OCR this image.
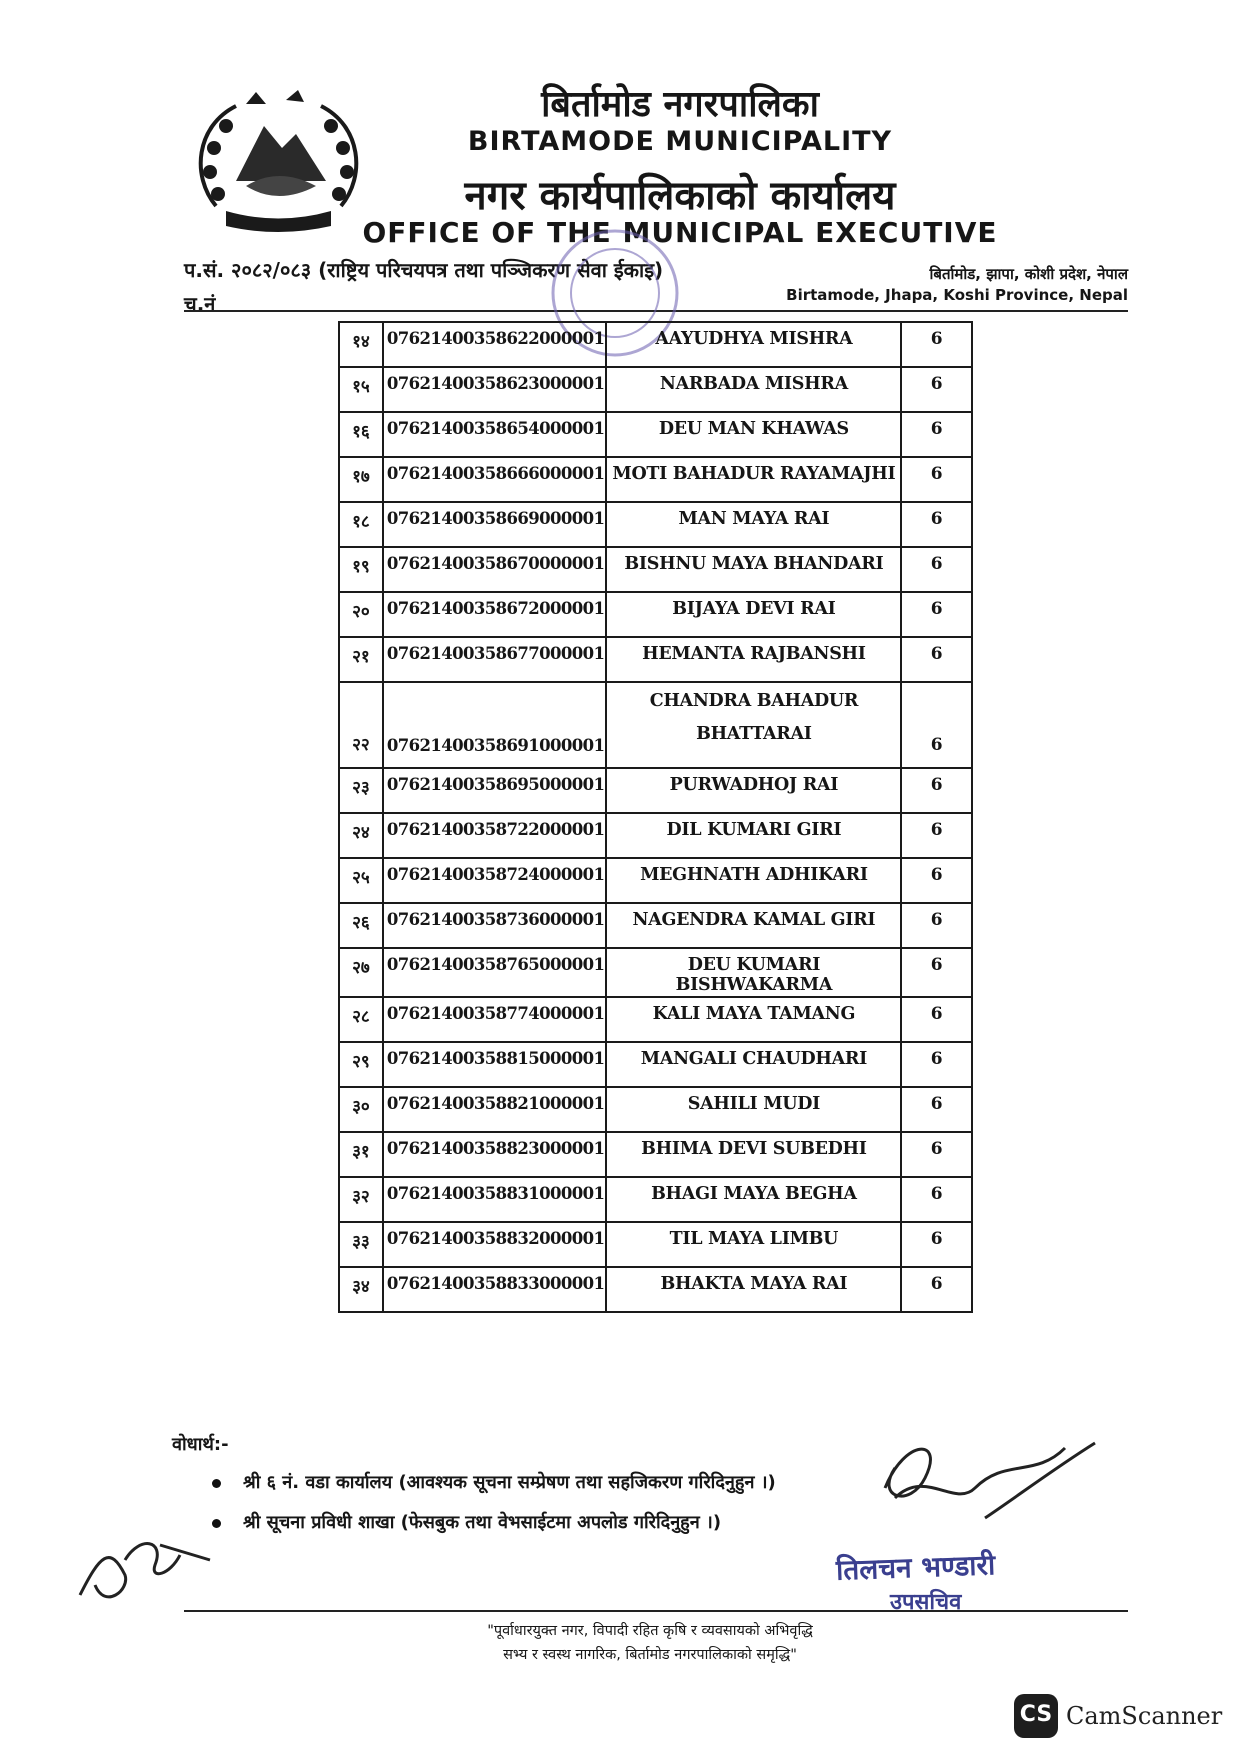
बिर्तामोड नगरपालिका
BIRTAMODE MUNICIPALITY
नगर कार्यपालिकाको कार्यालय
OFFICE OF THE MUNICIPAL EXECUTIVE
प.सं. २०८२/०८३ (राष्ट्रिय परिचयपत्र तथा पञ्जिकरण सेवा ईकाइ)
च.नं
बिर्तामोड, झापा, कोशी प्रदेश, नेपाल
Birtamode, Jhapa, Koshi Province, Nepal
१४	07621400358622000001	AAYUDHYA MISHRA	6
१५	07621400358623000001	NARBADA MISHRA	6
१६	07621400358654000001	DEU MAN KHAWAS	6
१७	07621400358666000001	MOTI BAHADUR RAYAMAJHI	6
१८	07621400358669000001	MAN MAYA RAI	6
१९	07621400358670000001	BISHNU MAYA BHANDARI	6
२०	07621400358672000001	BIJAYA DEVI RAI	6
२१	07621400358677000001	HEMANTA RAJBANSHI	6
२२	07621400358691000001	CHANDRA BAHADUR
BHATTARAI	6
२३	07621400358695000001	PURWADHOJ RAI	6
२४	07621400358722000001	DIL KUMARI GIRI	6
२५	07621400358724000001	MEGHNATH ADHIKARI	6
२६	07621400358736000001	NAGENDRA KAMAL GIRI	6
२७	07621400358765000001	DEU KUMARI BISHWAKARMA	6
२८	07621400358774000001	KALI MAYA TAMANG	6
२९	07621400358815000001	MANGALI CHAUDHARI	6
३०	07621400358821000001	SAHILI MUDI	6
३१	07621400358823000001	BHIMA DEVI SUBEDHI	6
३२	07621400358831000001	BHAGI MAYA BEGHA	6
३३	07621400358832000001	TIL MAYA LIMBU	6
३४	07621400358833000001	BHAKTA MAYA RAI	6
वोधार्थ:-
श्री ६ नं. वडा कार्यालय (आवश्यक सूचना सम्प्रेषण तथा सहजिकरण गरिदिनुहुन ।)
श्री सूचना प्रविधी शाखा (फेसबुक तथा वेभसाईटमा अपलोड गरिदिनुहुन ।)
तिलचन भण्डारी
उपसचिव
"पूर्वाधारयुक्त नगर, विपादी रहित कृषि र व्यवसायको अभिवृद्धि
सभ्य र स्वस्थ नागरिक, बिर्तामोड नगरपालिकाको समृद्धि"
CS CamScanner
